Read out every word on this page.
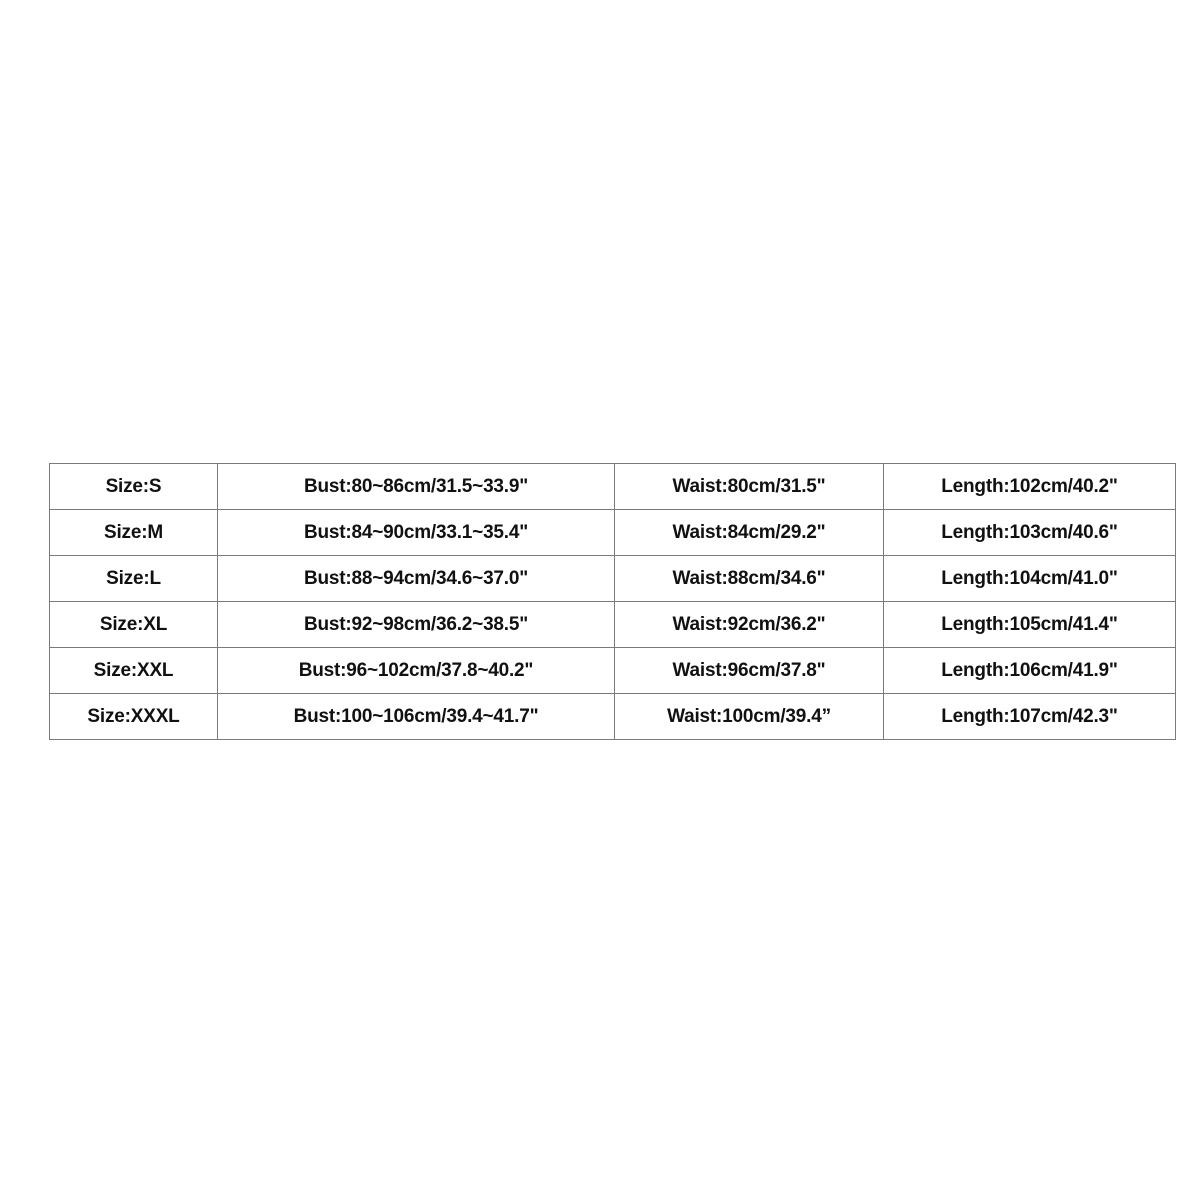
Size:S	Bust:80~86cm/31.5~33.9"	Waist:80cm/31.5"	Length:102cm/40.2"
Size:M	Bust:84~90cm/33.1~35.4"	Waist:84cm/29.2"	Length:103cm/40.6"
Size:L	Bust:88~94cm/34.6~37.0"	Waist:88cm/34.6"	Length:104cm/41.0"
Size:XL	Bust:92~98cm/36.2~38.5"	Waist:92cm/36.2"	Length:105cm/41.4"
Size:XXL	Bust:96~102cm/37.8~40.2"	Waist:96cm/37.8"	Length:106cm/41.9"
Size:XXXL	Bust:100~106cm/39.4~41.7"	Waist:100cm/39.4”	Length:107cm/42.3"
